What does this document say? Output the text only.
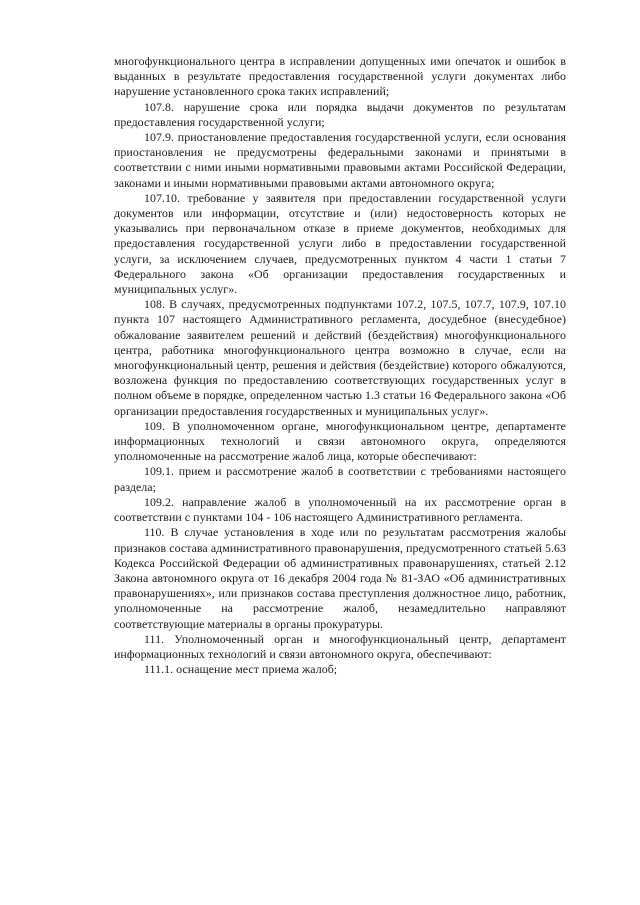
многофункционального центра в исправлении допущенных ими опечаток и ошибок в выданных в результате предоставления государственной услуги документах либо нарушение установленного срока таких исправлений;

107.8. нарушение срока или порядка выдачи документов по результатам предоставления государственной услуги;

107.9. приостановление предоставления государственной услуги, если основания приостановления не предусмотрены федеральными законами и принятыми в соответствии с ними иными нормативными правовыми актами Российской Федерации, законами и иными нормативными правовыми актами автономного округа;

107.10. требование у заявителя при предоставлении государственной услуги документов или информации, отсутствие и (или) недостоверность которых не указывались при первоначальном отказе в приеме документов, необходимых для предоставления государственной услуги либо в предоставлении государственной услуги, за исключением случаев, предусмотренных пунктом 4 части 1 статьи 7 Федерального закона «Об организации предоставления государственных и муниципальных услуг».

108. В случаях, предусмотренных подпунктами 107.2, 107.5, 107.7, 107.9, 107.10 пункта 107 настоящего Административного регламента, досудебное (внесудебное) обжалование заявителем решений и действий (бездействия) многофункционального центра, работника многофункционального центра возможно в случае, если на многофункциональный центр, решения и действия (бездействие) которого обжалуются, возложена функция по предоставлению соответствующих государственных услуг в полном объеме в порядке, определенном частью 1.3 статьи 16 Федерального закона «Об организации предоставления государственных и муниципальных услуг».

109. В уполномоченном органе, многофункциональном центре, департаменте информационных технологий и связи автономного округа, определяются уполномоченные на рассмотрение жалоб лица, которые обеспечивают:

109.1. прием и рассмотрение жалоб в соответствии с требованиями настоящего раздела;

109.2. направление жалоб в уполномоченный на их рассмотрение орган в соответствии с пунктами 104 - 106 настоящего Административного регламента.

110. В случае установления в ходе или по результатам рассмотрения жалобы признаков состава административного правонарушения, предусмотренного статьей 5.63 Кодекса Российской Федерации об административных правонарушениях, статьей 2.12 Закона автономного округа от 16 декабря 2004 года № 81-ЗАО «Об административных правонарушениях», или признаков состава преступления должностное лицо, работник, уполномоченные на рассмотрение жалоб, незамедлительно направляют соответствующие материалы в органы прокуратуры.

111. Уполномоченный орган и многофункциональный центр, департамент информационных технологий и связи автономного округа, обеспечивают:

111.1. оснащение мест приема жалоб;
